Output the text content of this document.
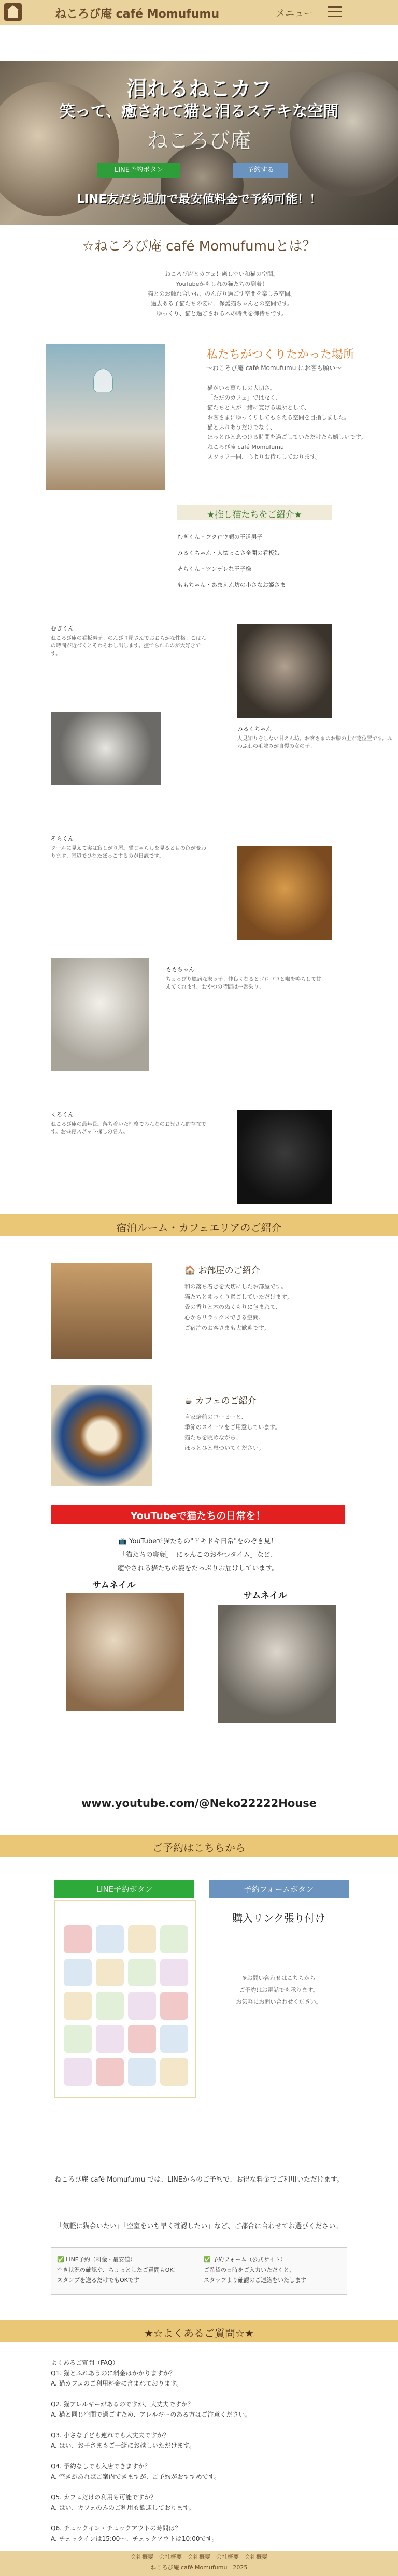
ねころび庵 café Momufumu	メニュー
泪れるねこカフ
笑って、癒されて猫と泪るステキな空間
ねころび庵
LINE予約ボタン	予約する
LINE友だち追加で最安値料金で予約可能！！
☆ねころび庵 café Momufumuとは？
ねころび庵とカフェ！癒し空い和猫の空間。
YouTubeがもしれの猫たちの到着！
猫とのお触れ合いも、のんびり過ごす空間を楽しみ空間。
過去ある子猫たちの姿に、保護猫ちゃんとの空間です。
ゆっくり、猫と過ごされる木の時間を御待ちです。
私たちがつくりたかった場所
〜ねころび庵 café Momufumu にお客も願い〜
猫がいる暮らしの大切さ。
「ただのカフェ」ではなく、
猫たちと人が一緒に寛げる場所として、
お客さまにゆっくりしてもらえる空間を目指しました。
猫とふれあうだけでなく、
ほっとひと息つける時間を過ごしていただけたら嬉しいです。
ねころび庵 café Momufumu
スタッフ一同、心よりお待ちしております。
★推し猫たちをご紹介★
むぎくん・フクロウ顔の王道男子
みるくちゃん・人懐っこさ全開の看板娘
そらくん・ツンデレな王子様
ももちゃん・あまえん坊の小さなお姫さま
むぎくん
ねころび庵の看板男子。のんびり屋さんでおおらかな性格。ごはんの時間が近づくとそわそわし出します。撫でられるのが大好きです。
みるくちゃん
人見知りをしない甘えん坊。お客さまのお膝の上が定位置です。ふわふわの毛並みが自慢の女の子。
そらくん
クールに見えて実は寂しがり屋。猫じゃらしを見ると目の色が変わります。窓辺でひなたぼっこするのが日課です。
ももちゃん
ちょっぴり臆病な末っ子。仲良くなるとゴロゴロと喉を鳴らして甘えてくれます。おやつの時間は一番乗り。
くろくん
ねころび庵の最年長。落ち着いた性格でみんなのお兄さん的存在です。お昼寝スポット探しの名人。
宿泊ルーム・カフェエリアのご紹介
🏠 お部屋のご紹介
和の落ち着きを大切にしたお部屋です。
猫たちとゆっくり過ごしていただけます。
畳の香りと木のぬくもりに包まれて、
心からリラックスできる空間。
ご宿泊のお客さまも大歓迎です。
☕ カフェのご紹介
自家焙煎のコーヒーと、
季節のスイーツをご用意しています。
猫たちを眺めながら、
ほっとひと息ついてください。
YouTubeで猫たちの日常を！
📺 YouTubeで猫たちの"ドキドキ日常"をのぞき見！
「猫たちの寝顔」「にゃんこのおやつタイム」など、
癒やされる猫たちの姿をたっぷりお届けしています。
サムネイル
サムネイル
www.youtube.com/@Neko22222House
ご予約はこちらから
LINE予約ボタン	予約フォームボタン
購入リンク張り付け
※お問い合わせはこちらから
ご予約はお電話でも承ります。
お気軽にお問い合わせください。
ねころび庵 café Momufumu では、LINEからのご予約で、お得な料金でご利用いただけます。
「気軽に猫会いたい」「空室をいち早く確認したい」など、ご都合に合わせてお選びください。
✅ LINE予約（料金・最安値）
空き状況の確認や、ちょっとしたご質問もOK！
スタンプを送るだけでもOKです
✅ 予約フォーム（公式サイト）
ご希望の日時をご入力いただくと、
スタッフより確認のご連絡をいたします
★☆よくあるご質問☆★
よくあるご質問（FAQ）
Q1. 猫とふれあうのに料金はかかりますか？
A. 猫カフェのご利用料金に含まれております。
Q2. 猫アレルギーがあるのですが、大丈夫ですか？
A. 猫と同じ空間で過ごすため、アレルギーのある方はご注意ください。
Q3. 小さな子ども連れでも大丈夫ですか？
A. はい、お子さまもご一緒にお越しいただけます。
Q4. 予約なしでも入店できますか？
A. 空きがあればご案内できますが、ご予約がおすすめです。
Q5. カフェだけの利用も可能ですか？
A. はい、カフェのみのご利用も歓迎しております。
Q6. チェックイン・チェックアウトの時間は？
A. チェックインは15:00〜、チェックアウトは10:00です。
会社概要　会社概要　会社概要　会社概要　会社概要
ねころび庵 café Momufumu　2025
